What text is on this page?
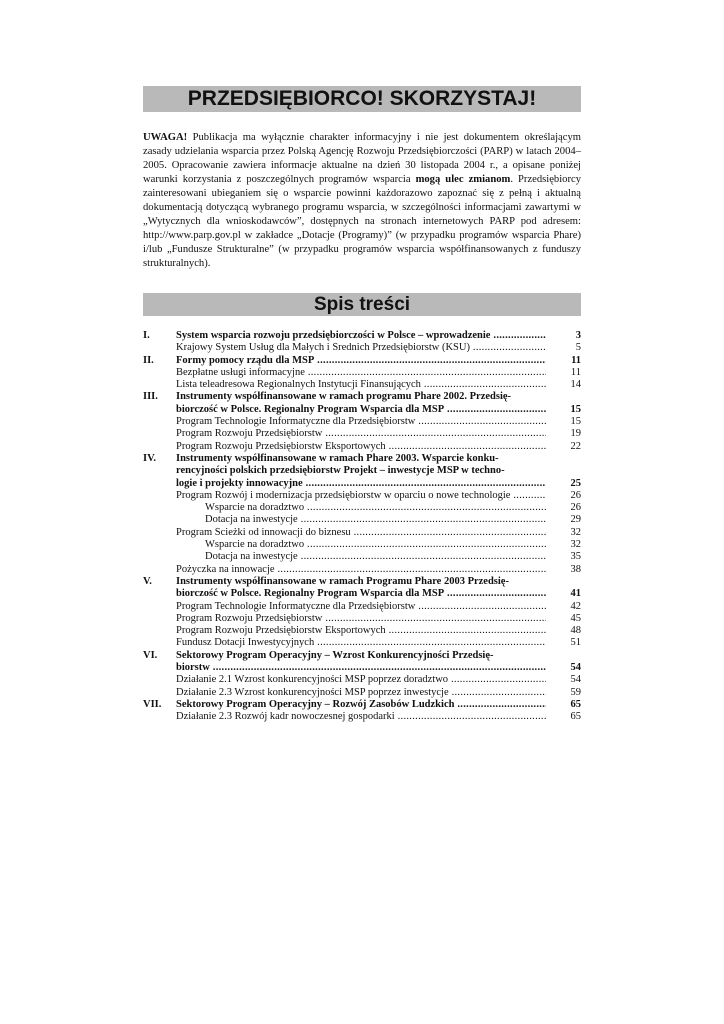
PRZEDSIĘBIORCO! SKORZYSTAJ!

UWAGA! Publikacja ma wyłącznie charakter informacyjny i nie jest dokumentem określającym zasady udzielania wsparcia przez Polską Agencję Rozwoju Przedsiębiorczości (PARP) w latach 2004–2005. Opracowanie zawiera informacje aktualne na dzień 30 listopada 2004 r., a opisane poniżej warunki korzystania z poszczególnych programów wsparcia mogą ulec zmianom. Przedsiębiorcy zainteresowani ubieganiem się o wsparcie powinni każdorazowo zapoznać się z pełną i aktualną dokumentacją dotyczącą wybranego programu wsparcia, w szczególności informacjami zawartymi w „Wytycznych dla wnioskodawców”, dostępnych na stronach internetowych PARP pod adresem: http://www.parp.gov.pl w zakładce „Dotacje (Programy)” (w przypadku programów wsparcia Phare) i/lub „Fundusze Strukturalne” (w przypadku programów wsparcia współfinansowanych z funduszy strukturalnych).

Spis treści
I.	System wsparcia rozwoju przedsiębiorczości w Polsce – wprowadzenie .....	3
Krajowy System Usług dla Małych i Średnich Przedsiębiorstw (KSU) .....	5
II.	Formy pomocy rządu dla MSP .....	11
Bezpłatne usługi informacyjne .....	11
Lista teleadresowa Regionalnych Instytucji Finansujących .....	14
III.	Instrumenty współfinansowane w ramach programu Phare 2002. Przedsię-
biorczość w Polsce. Regionalny Program Wsparcia dla MSP .....	15
Program Technologie Informatyczne dla Przedsiębiorstw .....	15
Program Rozwoju Przedsiębiorstw .....	19
Program Rozwoju Przedsiębiorstw Eksportowych .....	22
IV.	Instrumenty współfinansowane w ramach Phare 2003. Wsparcie konku-
rencyjności polskich przedsiębiorstw Projekt – inwestycje MSP w techno-
logie i projekty innowacyjne .....	25
Program Rozwój i modernizacja przedsiębiorstw w oparciu o nowe technologie .....	26
Wsparcie na doradztwo .....	26
Dotacja na inwestycje .....	29
Program Ścieżki od innowacji do biznesu .....	32
Wsparcie na doradztwo .....	32
Dotacja na inwestycje .....	35
Pożyczka na innowacje .....	38
V.	Instrumenty współfinansowane w ramach Programu Phare 2003 Przedsię-
biorczość w Polsce. Regionalny Program Wsparcia dla MSP .....	41
Program Technologie Informatyczne dla Przedsiębiorstw .....	42
Program Rozwoju Przedsiębiorstw .....	45
Program Rozwoju Przedsiębiorstw Eksportowych .....	48
Fundusz Dotacji Inwestycyjnych .....	51
VI.	Sektorowy Program Operacyjny – Wzrost Konkurencyjności Przedsię-
biorstw .....	54
Działanie 2.1 Wzrost konkurencyjności MSP poprzez doradztwo .....	54
Działanie 2.3 Wzrost konkurencyjności MSP poprzez inwestycje .....	59
VII.	Sektorowy Program Operacyjny – Rozwój Zasobów Ludzkich .....	65
Działanie 2.3 Rozwój kadr nowoczesnej gospodarki .....	65
